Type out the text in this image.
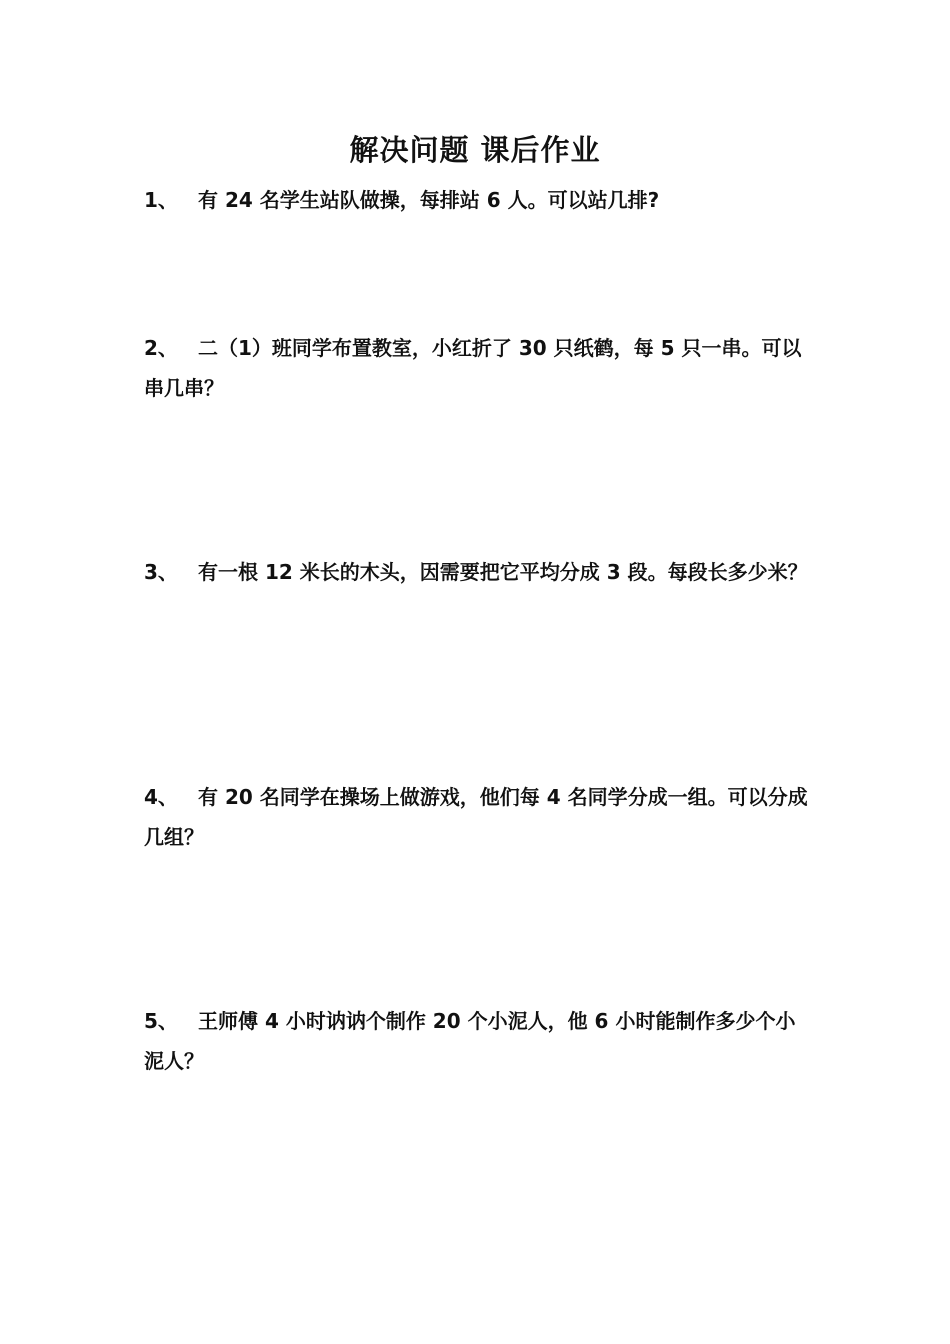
解决问题 课后作业

1、 有 24 名学生站队做操，每排站 6 人。可以站几排?

2、 二（1）班同学布置教室，小红折了 30 只纸鹤，每 5 只一串。可以串几串？

3、 有一根 12 米长的木头，因需要把它平均分成 3 段。每段长多少米？

4、 有 20 名同学在操场上做游戏，他们每 4 名同学分成一组。可以分成几组？

5、 王师傅 4 小时讷讷个制作 20 个小泥人，他 6 小时能制作多少个小泥人？
